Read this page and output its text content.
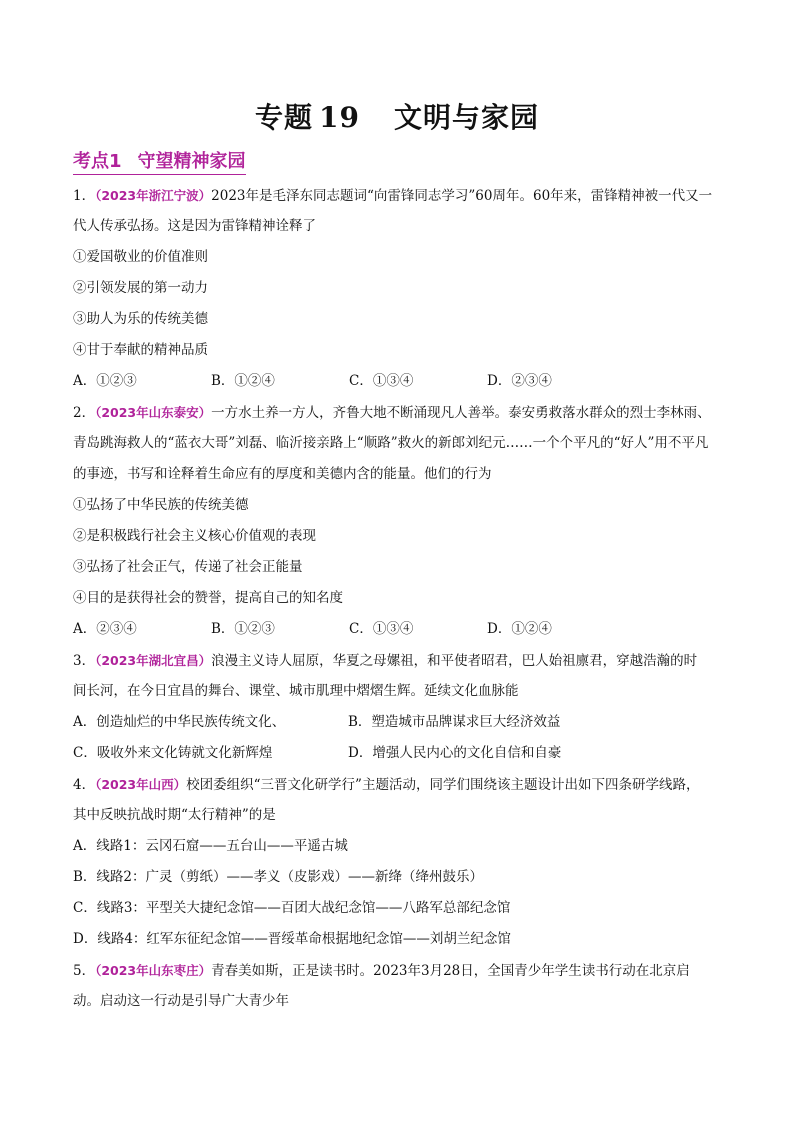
专题 19 文明与家园
考点1 守望精神家园
1．（2023年浙江宁波）2023年是毛泽东同志题词“向雷锋同志学习”60周年。60年来，雷锋精神被一代又一
代人传承弘扬。这是因为雷锋精神诠释了
①爱国敬业的价值准则
②引领发展的第一动力
③助人为乐的传统美德
④甘于奉献的精神品质
A．①②③	B．①②④	C．①③④	D．②③④
2．（2023年山东泰安）一方水土养一方人，齐鲁大地不断涌现凡人善举。泰安勇救落水群众的烈士李林雨、
青岛跳海救人的“蓝衣大哥”刘磊、临沂接亲路上“顺路”救火的新郎刘纪元……一个个平凡的“好人”用不平凡
的事迹，书写和诠释着生命应有的厚度和美德内含的能量。他们的行为
①弘扬了中华民族的传统美德
②是积极践行社会主义核心价值观的表现
③弘扬了社会正气，传递了社会正能量
④目的是获得社会的赞誉，提高自己的知名度
A．②③④	B．①②③	C．①③④	D．①②④
3．（2023年湖北宜昌）浪漫主义诗人屈原，华夏之母嫘祖，和平使者昭君，巴人始祖廪君，穿越浩瀚的时
间长河，在今日宜昌的舞台、课堂、城市肌理中熠熠生辉。延续文化血脉能
A．创造灿烂的中华民族传统文化、	B．塑造城市品牌谋求巨大经济效益
C．吸收外来文化铸就文化新辉煌	D．增强人民内心的文化自信和自豪
4．（2023年山西）校团委组织“三晋文化研学行”主题活动，同学们围绕该主题设计出如下四条研学线路，
其中反映抗战时期“太行精神”的是
A．线路1：云冈石窟——五台山——平遥古城
B．线路2：广灵（剪纸）——孝义（皮影戏）——新绛（绛州鼓乐）
C．线路3：平型关大捷纪念馆——百团大战纪念馆——八路军总部纪念馆
D．线路4：红军东征纪念馆——晋绥革命根据地纪念馆——刘胡兰纪念馆
5．（2023年山东枣庄）青春美如斯，正是读书时。2023年3月28日，全国青少年学生读书行动在北京启
动。启动这一行动是引导广大青少年
